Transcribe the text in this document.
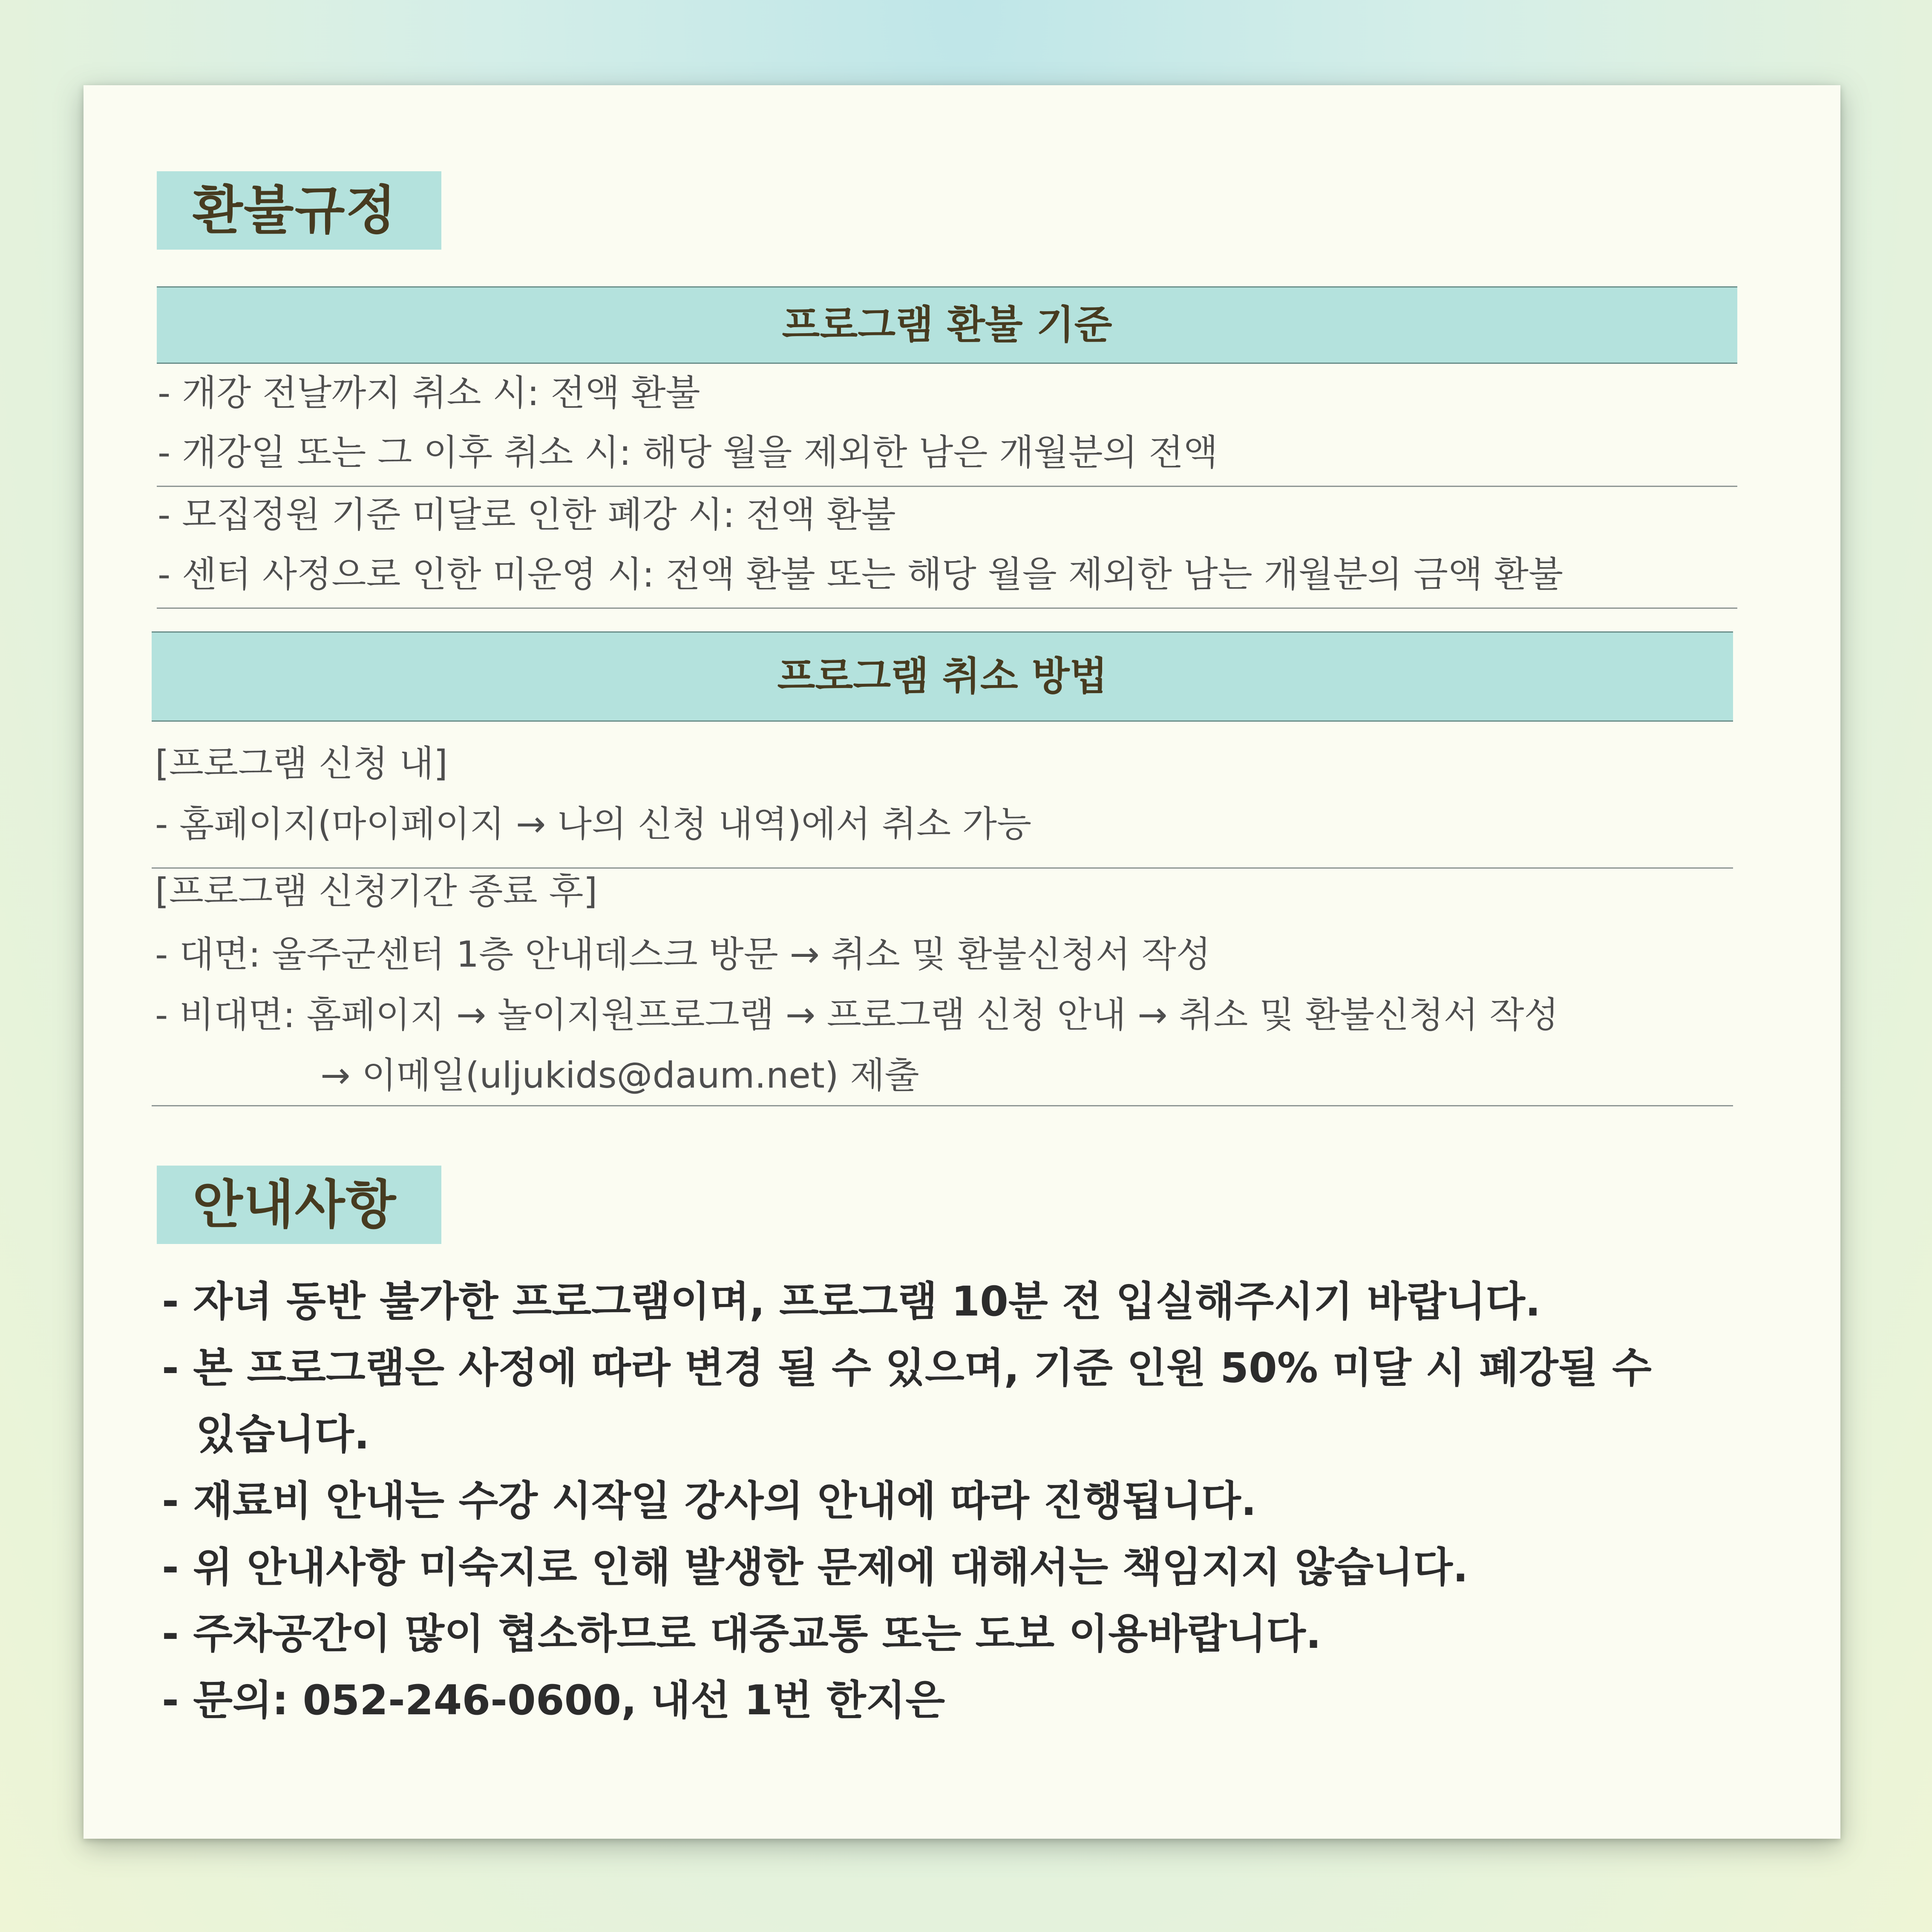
환불규정
프로그램 환불 기준
- 개강 전날까지 취소 시: 전액 환불
- 개강일 또는 그 이후 취소 시: 해당 월을 제외한 남은 개월분의 전액
- 모집정원 기준 미달로 인한 폐강 시: 전액 환불
- 센터 사정으로 인한 미운영 시: 전액 환불 또는 해당 월을 제외한 남는 개월분의 금액 환불
프로그램 취소 방법
[프로그램 신청 내]
- 홈페이지(마이페이지 → 나의 신청 내역)에서 취소 가능
[프로그램 신청기간 종료 후]
- 대면: 울주군센터 1층 안내데스크 방문 → 취소 및 환불신청서 작성
- 비대면: 홈페이지 → 놀이지원프로그램 → 프로그램 신청 안내 → 취소 및 환불신청서 작성
→ 이메일(uljukids@daum.net) 제출
안내사항
- 자녀 동반 불가한 프로그램이며, 프로그램 10분 전 입실해주시기 바랍니다.
- 본 프로그램은 사정에 따라 변경 될 수 있으며, 기준 인원 50% 미달 시 폐강될 수
있습니다.
- 재료비 안내는 수강 시작일 강사의 안내에 따라 진행됩니다.
- 위 안내사항 미숙지로 인해 발생한 문제에 대해서는 책임지지 않습니다.
- 주차공간이 많이 협소하므로 대중교통 또는 도보 이용바랍니다.
- 문의: 052-246-0600, 내선 1번 한지은
